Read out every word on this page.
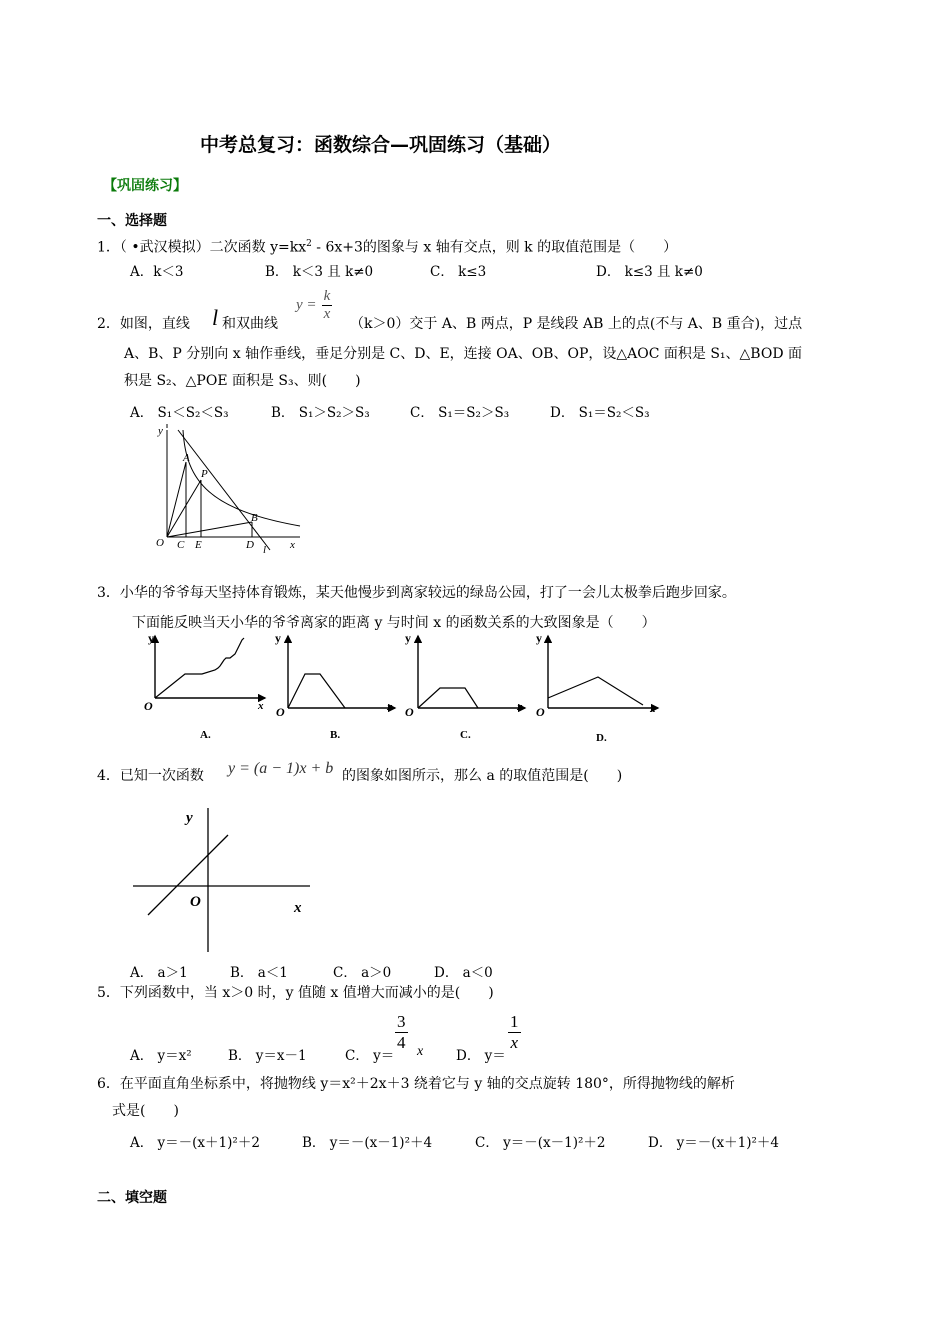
中考总复习：函数综合—巩固练习（基础）
【巩固练习】
一、选择题
1．（ •武汉模拟）二次函数 $y=kx^2 - 6x+3$的图象与 x 轴有交点，则 k 的取值范围是（　　）
A．k＜3	B． k＜3 且 k≠0	C． k≤3	D． k≤3 且 k≠0
2．如图，直线 l 和双曲线
$y = \frac{k}{x}$
（k＞0）交于 A、B 两点，P 是线段 AB 上的点(不与 A、B 重合)，过点
A、B、P 分别向 x 轴作垂线，垂足分别是 C、D、E，连接 OA、OB、OP，设△AOC 面积是 S₁、△BOD 面
积是 S₂、△POE 面积是 S₃、则(　　)
A． S₁＜S₂＜S₃	B． S₁＞S₂＞S₃	C． S₁＝S₂＞S₃	D． S₁＝S₂＜S₃
y
x
O
A
P
B
C E	D l
3．小华的爷爷每天坚持体育锻炼，某天他慢步到离家较远的绿岛公园，打了一会儿太极拳后跑步回家。
下面能反映当天小华的爷爷离家的距离 y 与时间 x 的函数关系的大致图象是（　　）
y
x
O
A.
y
x
O
B.
y
x
O
C.
y
x
O
D.
4．已知一次函数 y = (a − 1)x + b 的图象如图所示，那么 a 的取值范围是(　　)
y
x
O
A． a＞1	B． a＜1	C． a＞0	D． a＜0
5．下列函数中，当 x＞0 时，y 值随 x 值增大而减小的是(　　)
A． y＝x²	B． y＝x－1	C． y＝
$\frac{3}{4}$ x D． y＝
$\frac{1}{x}$
6．在平面直角坐标系中，将抛物线 y＝x²＋2x＋3 绕着它与 y 轴的交点旋转 180°，所得抛物线的解析
式是(　　)
A． y＝－(x＋1)²＋2	B． y＝－(x－1)²＋4	C． y＝－(x－1)²＋2	D． y＝－(x＋1)²＋4
二、填空题
